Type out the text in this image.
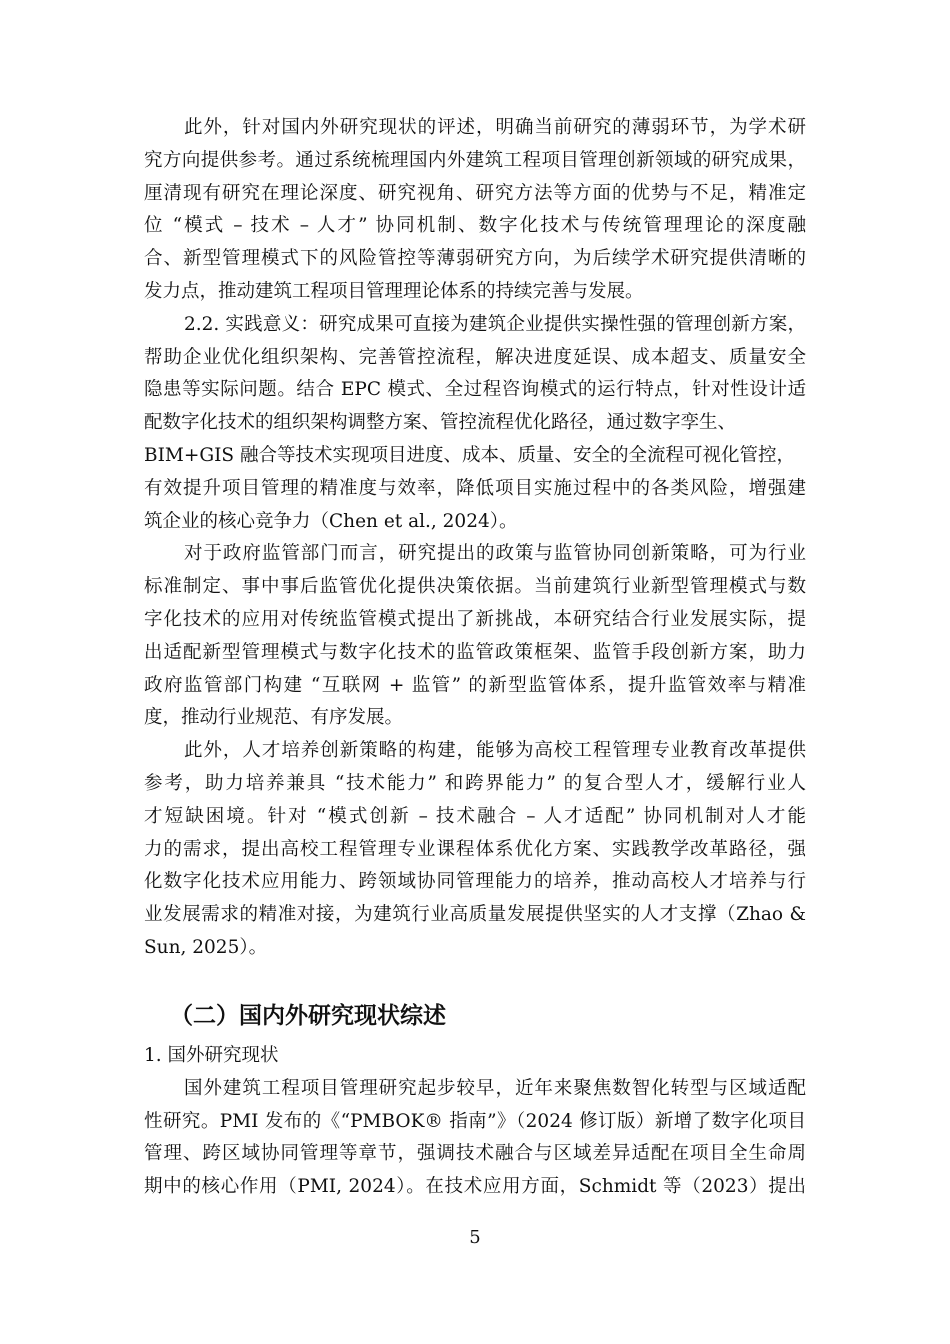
此外，针对国内外研究现状的评述，明确当前研究的薄弱环节，为学术研
究方向提供参考。通过系统梳理国内外建筑工程项目管理创新领域的研究成果，
厘清现有研究在理论深度、研究视角、研究方法等方面的优势与不足，精准定
位 “模式 – 技术 – 人才” 协同机制、数字化技术与传统管理理论的深度融
合、新型管理模式下的风险管控等薄弱研究方向，为后续学术研究提供清晰的
发力点，推动建筑工程项目管理理论体系的持续完善与发展。
2.2. 实践意义：研究成果可直接为建筑企业提供实操性强的管理创新方案，
帮助企业优化组织架构、完善管控流程，解决进度延误、成本超支、质量安全
隐患等实际问题。结合 EPC 模式、全过程咨询模式的运行特点，针对性设计适
配数字化技术的组织架构调整方案、管控流程优化路径，通过数字孪生、
BIM+GIS 融合等技术实现项目进度、成本、质量、安全的全流程可视化管控，
有效提升项目管理的精准度与效率，降低项目实施过程中的各类风险，增强建
筑企业的核心竞争力（Chen et al., 2024）。
对于政府监管部门而言，研究提出的政策与监管协同创新策略，可为行业
标准制定、事中事后监管优化提供决策依据。当前建筑行业新型管理模式与数
字化技术的应用对传统监管模式提出了新挑战，本研究结合行业发展实际，提
出适配新型管理模式与数字化技术的监管政策框架、监管手段创新方案，助力
政府监管部门构建 “互联网 + 监管” 的新型监管体系，提升监管效率与精准
度，推动行业规范、有序发展。
此外，人才培养创新策略的构建，能够为高校工程管理专业教育改革提供
参考，助力培养兼具 “技术能力” 和跨界能力” 的复合型人才，缓解行业人
才短缺困境。针对 “模式创新 – 技术融合 – 人才适配” 协同机制对人才能
力的需求，提出高校工程管理专业课程体系优化方案、实践教学改革路径，强
化数字化技术应用能力、跨领域协同管理能力的培养，推动高校人才培养与行
业发展需求的精准对接，为建筑行业高质量发展提供坚实的人才支撑（Zhao &
Sun, 2025）。
（二）国内外研究现状综述
1. 国外研究现状
国外建筑工程项目管理研究起步较早，近年来聚焦数智化转型与区域适配
性研究。PMI 发布的《“PMBOK® 指南”》（2024 修订版）新增了数字化项目
管理、跨区域协同管理等章节，强调技术融合与区域差异适配在项目全生命周
期中的核心作用（PMI, 2024）。在技术应用方面，Schmidt 等（2023）提出
5
